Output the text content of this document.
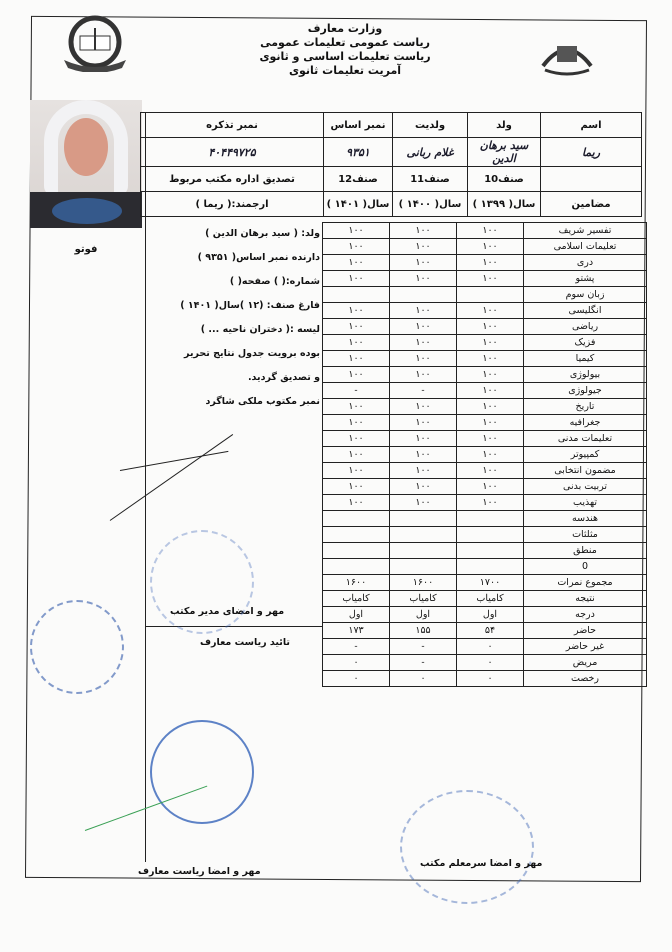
وزارت معارف
ریاست عمومی تعلیمات عمومی
ریاست تعلیمات اساسی و ثانوی
آمریت تعلیمات ثانوی
فوتو
اسم	ولد	ولدیت	نمبر اساس	نمبر تذکره
ریما	سید برهان الدین	غلام ربانی	۹۳۵۱	۴۰۴۴۹۷۲۵
	صنف10	صنف11	صنف12	تصدیق اداره مکتب مربوط
مضامین	سال( ۱۳۹۹ )	سال( ۱۴۰۰ )	سال( ۱۴۰۱ )	ارجمند:( ریما )
تفسیر شریف	۱۰۰	۱۰۰	۱۰۰
تعلیمات اسلامی	۱۰۰	۱۰۰	۱۰۰
دری	۱۰۰	۱۰۰	۱۰۰
پشتو	۱۰۰	۱۰۰	۱۰۰
زبان سوم			
انگلیسی	۱۰۰	۱۰۰	۱۰۰
ریاضی	۱۰۰	۱۰۰	۱۰۰
فزیک	۱۰۰	۱۰۰	۱۰۰
کیمیا	۱۰۰	۱۰۰	۱۰۰
بیولوژی	۱۰۰	۱۰۰	۱۰۰
جیولوژی	۱۰۰	-	-
تاریخ	۱۰۰	۱۰۰	۱۰۰
جغرافیه	۱۰۰	۱۰۰	۱۰۰
تعلیمات مدنی	۱۰۰	۱۰۰	۱۰۰
کمپیوتر	۱۰۰	۱۰۰	۱۰۰
مضمون انتخابی	۱۰۰	۱۰۰	۱۰۰
تربیت بدنی	۱۰۰	۱۰۰	۱۰۰
تهذیب	۱۰۰	۱۰۰	۱۰۰
هندسه			
مثلثات			
منطق			
0			
مجموع نمرات	۱۷۰۰	۱۶۰۰	۱۶۰۰
نتیجه	کامیاب	کامیاب	کامیاب
درجه	اول	اول	اول
حاضر	۵۴	۱۵۵	۱۷۳
غیر حاضر	۰	-	-
مریض	۰	-	۰
رخصت	۰	۰	۰
ولد: ( سید برهان الدین )
دارنده نمبر اساس( ۹۳۵۱ )
شماره:( ) صفحه( )
فارغ صنف: (۱۲ )سال( ۱۴۰۱ )
لیسه :( دختران ناحیه ... )
بوده برویت جدول نتایج تحریر
و تصدیق گردید.
نمبر مکتوب ملکی شاگرد
مهر و امضای مدیر مکتب
تائید ریاست معارف
مهر و امضا ریاست معارف
مهر و امضا سرمعلم مکتب
